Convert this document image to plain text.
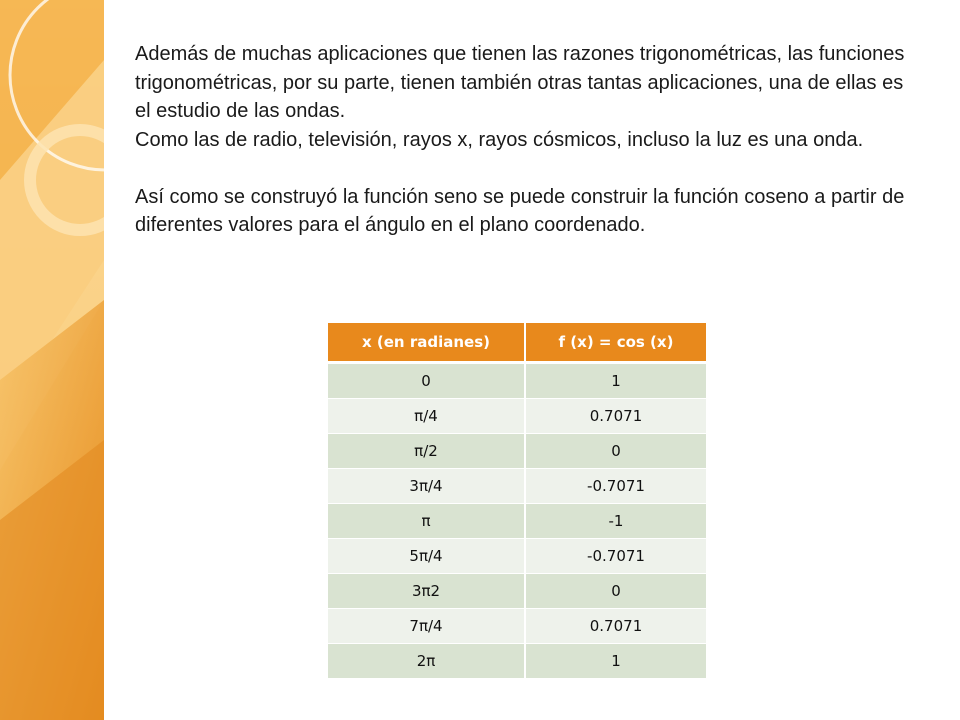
Además de muchas aplicaciones que tienen las razones trigonométricas, las funciones trigonométricas, por su parte, tienen también otras tantas aplicaciones, una de ellas es el estudio de las ondas.

Como las de radio, televisión, rayos x, rayos cósmicos, incluso la luz es una onda.

Así como se construyó la función seno se puede construir la función coseno a partir de diferentes valores para el ángulo en el plano coordenado.

x (en radianes)	f (x) = cos (x)
0	1
π/4	0.7071
π/2	0
3π/4	-0.7071
π	-1
5π/4	-0.7071
3π2	0
7π/4	0.7071
2π	1
